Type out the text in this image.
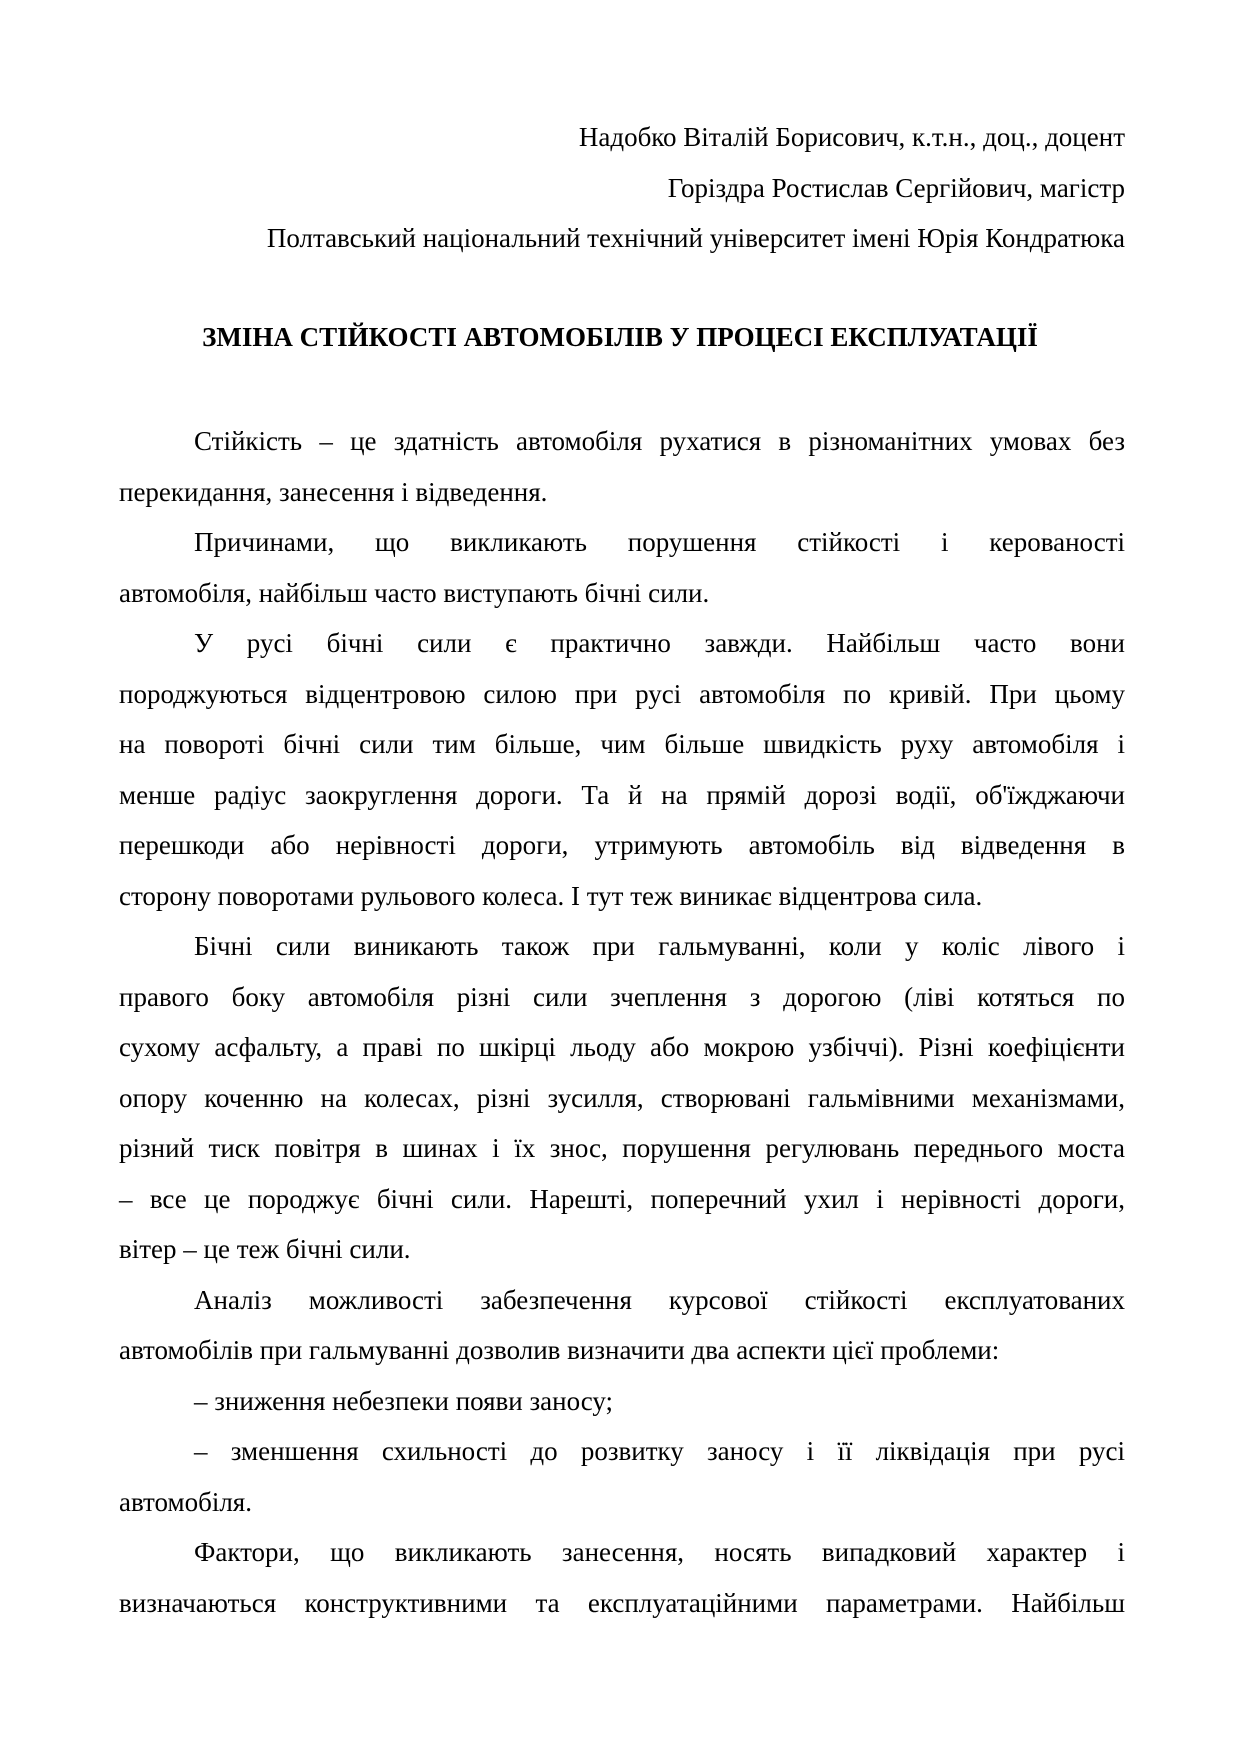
Надобко Віталій Борисович, к.т.н., доц., доцент
Горіздра Ростислав Сергійович, магістр
Полтавський національний технічний університет імені Юрія Кондратюка
ЗМІНА СТІЙКОСТІ АВТОМОБІЛІВ У ПРОЦЕСІ ЕКСПЛУАТАЦІЇ
Стійкість – це здатність автомобіля рухатися в різноманітних умовах без
перекидання, занесення і відведення.
Причинами, що викликають порушення стійкості і керованості
автомобіля, найбільш часто виступають бічні сили.
У русі бічні сили є практично завжди. Найбільш часто вони
породжуються відцентровою силою при русі автомобіля по кривій. При цьому
на повороті бічні сили тим більше, чим більше швидкість руху автомобіля і
менше радіус заокруглення дороги. Та й на прямій дорозі водії, об'їжджаючи
перешкоди або нерівності дороги, утримують автомобіль від відведення в
сторону поворотами рульового колеса. І тут теж виникає відцентрова сила.
Бічні сили виникають також при гальмуванні, коли у коліс лівого і
правого боку автомобіля різні сили зчеплення з дорогою (ліві котяться по
сухому асфальту, а праві по шкірці льоду або мокрою узбіччі). Різні коефіцієнти
опору коченню на колесах, різні зусилля, створювані гальмівними механізмами,
різний тиск повітря в шинах і їх знос, порушення регулювань переднього моста
– все це породжує бічні сили. Нарешті, поперечний ухил і нерівності дороги,
вітер – це теж бічні сили.
Аналіз можливості забезпечення курсової стійкості експлуатованих
автомобілів при гальмуванні дозволив визначити два аспекти цієї проблеми:
– зниження небезпеки появи заносу;
– зменшення схильності до розвитку заносу і її ліквідація при русі
автомобіля.
Фактори, що викликають занесення, носять випадковий характер і
визначаються конструктивними та експлуатаційними параметрами. Найбільш
